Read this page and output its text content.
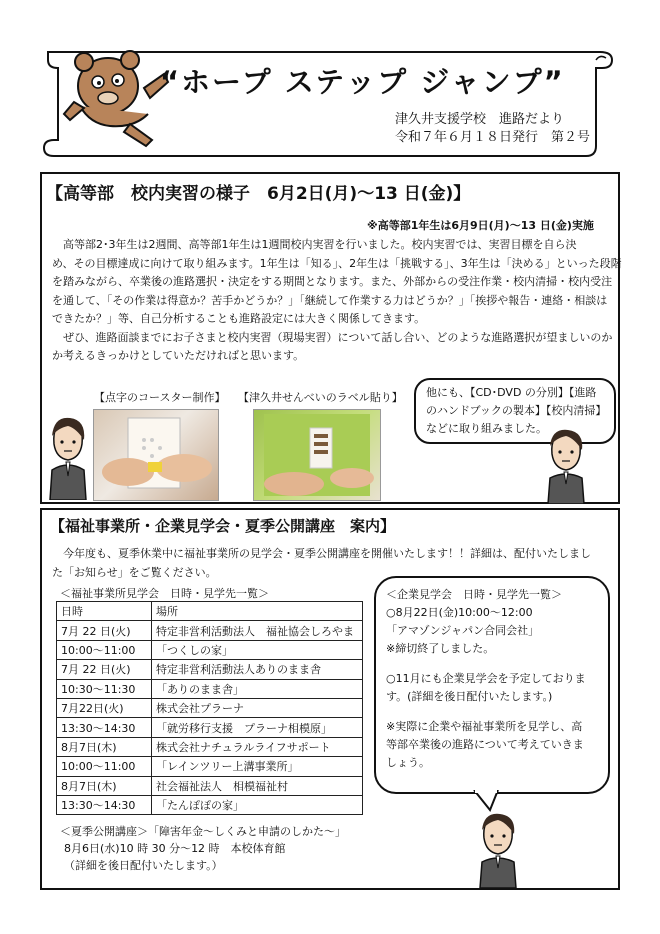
“ホープ ステップ ジャンプ”
津久井支援学校　進路だより
令和７年６月１８日発行　第２号
【高等部　校内実習の様子　6月2日(月)～13 日(金)】
※高等部1年生は6月9日(月)～13 日(金)実施
　高等部2･3年生は2週間、高等部1年生は1週間校内実習を行いました。校内実習では、実習目標を自ら決
め、その目標達成に向けて取り組みます。1年生は「知る」、2年生は「挑戦する」、3年生は「決める」といった段階
を踏みながら、卒業後の進路選択・決定をする期間となります。また、外部からの受注作業・校内清掃・校内受注
を通して、「その作業は得意か？苦手かどうか？」「継続して作業する力はどうか？」「挨拶や報告・連絡・相談は
できたか？」等、自己分析することも進路設定には大きく関係してきます。
　ぜひ、進路面談までにお子さまと校内実習（現場実習）について話し合い、どのような進路選択が望ましいのか
か考えるきっかけとしていただければと思います。
【点字のコースター制作】 【津久井せんべいのラベル貼り】 他にも、【CD･DVD の分別】【進路
のハンドブックの製本】【校内清掃】
などに取り組みました。
【福祉事業所・企業見学会・夏季公開講座　案内】
　今年度も、夏季休業中に福祉事業所の見学会・夏季公開講座を開催いたします！！詳細は、配付いたしまし
た「お知らせ」をご覧ください。
＜福祉事業所見学会　日時・見学先一覧＞
日時	場所
7月 22 日(火)	特定非営利活動法人　福祉協会しろやま
10:00～11:00	「つくしの家」
7月 22 日(火)	特定非営利活動法人ありのまま舎
10:30～11:30	「ありのまま舎」
7月22日(火)	株式会社プラーナ
13:30～14:30	「就労移行支援　プラーナ相模原」
8月7日(木)	株式会社ナチュラルライフサポート
10:00～11:00	「レインツリー上溝事業所」
8月7日(木)	社会福祉法人　相模福祉村
13:30～14:30	「たんぽぽの家」
＜夏季公開講座＞「障害年金～しくみと申請のしかた～」
8月6日(水)10 時 30 分～12 時　本校体育館
（詳細を後日配付いたします。）
＜企業見学会　日時・見学先一覧＞
○8月22日(金)10:00～12:00
「アマゾンジャパン合同会社」
※締切終了しました。
○11月にも企業見学会を予定しておりま
す。(詳細を後日配付いたします。)
※実際に企業や福祉事業所を見学し、高
等部卒業後の進路について考えていきま
しょう。
